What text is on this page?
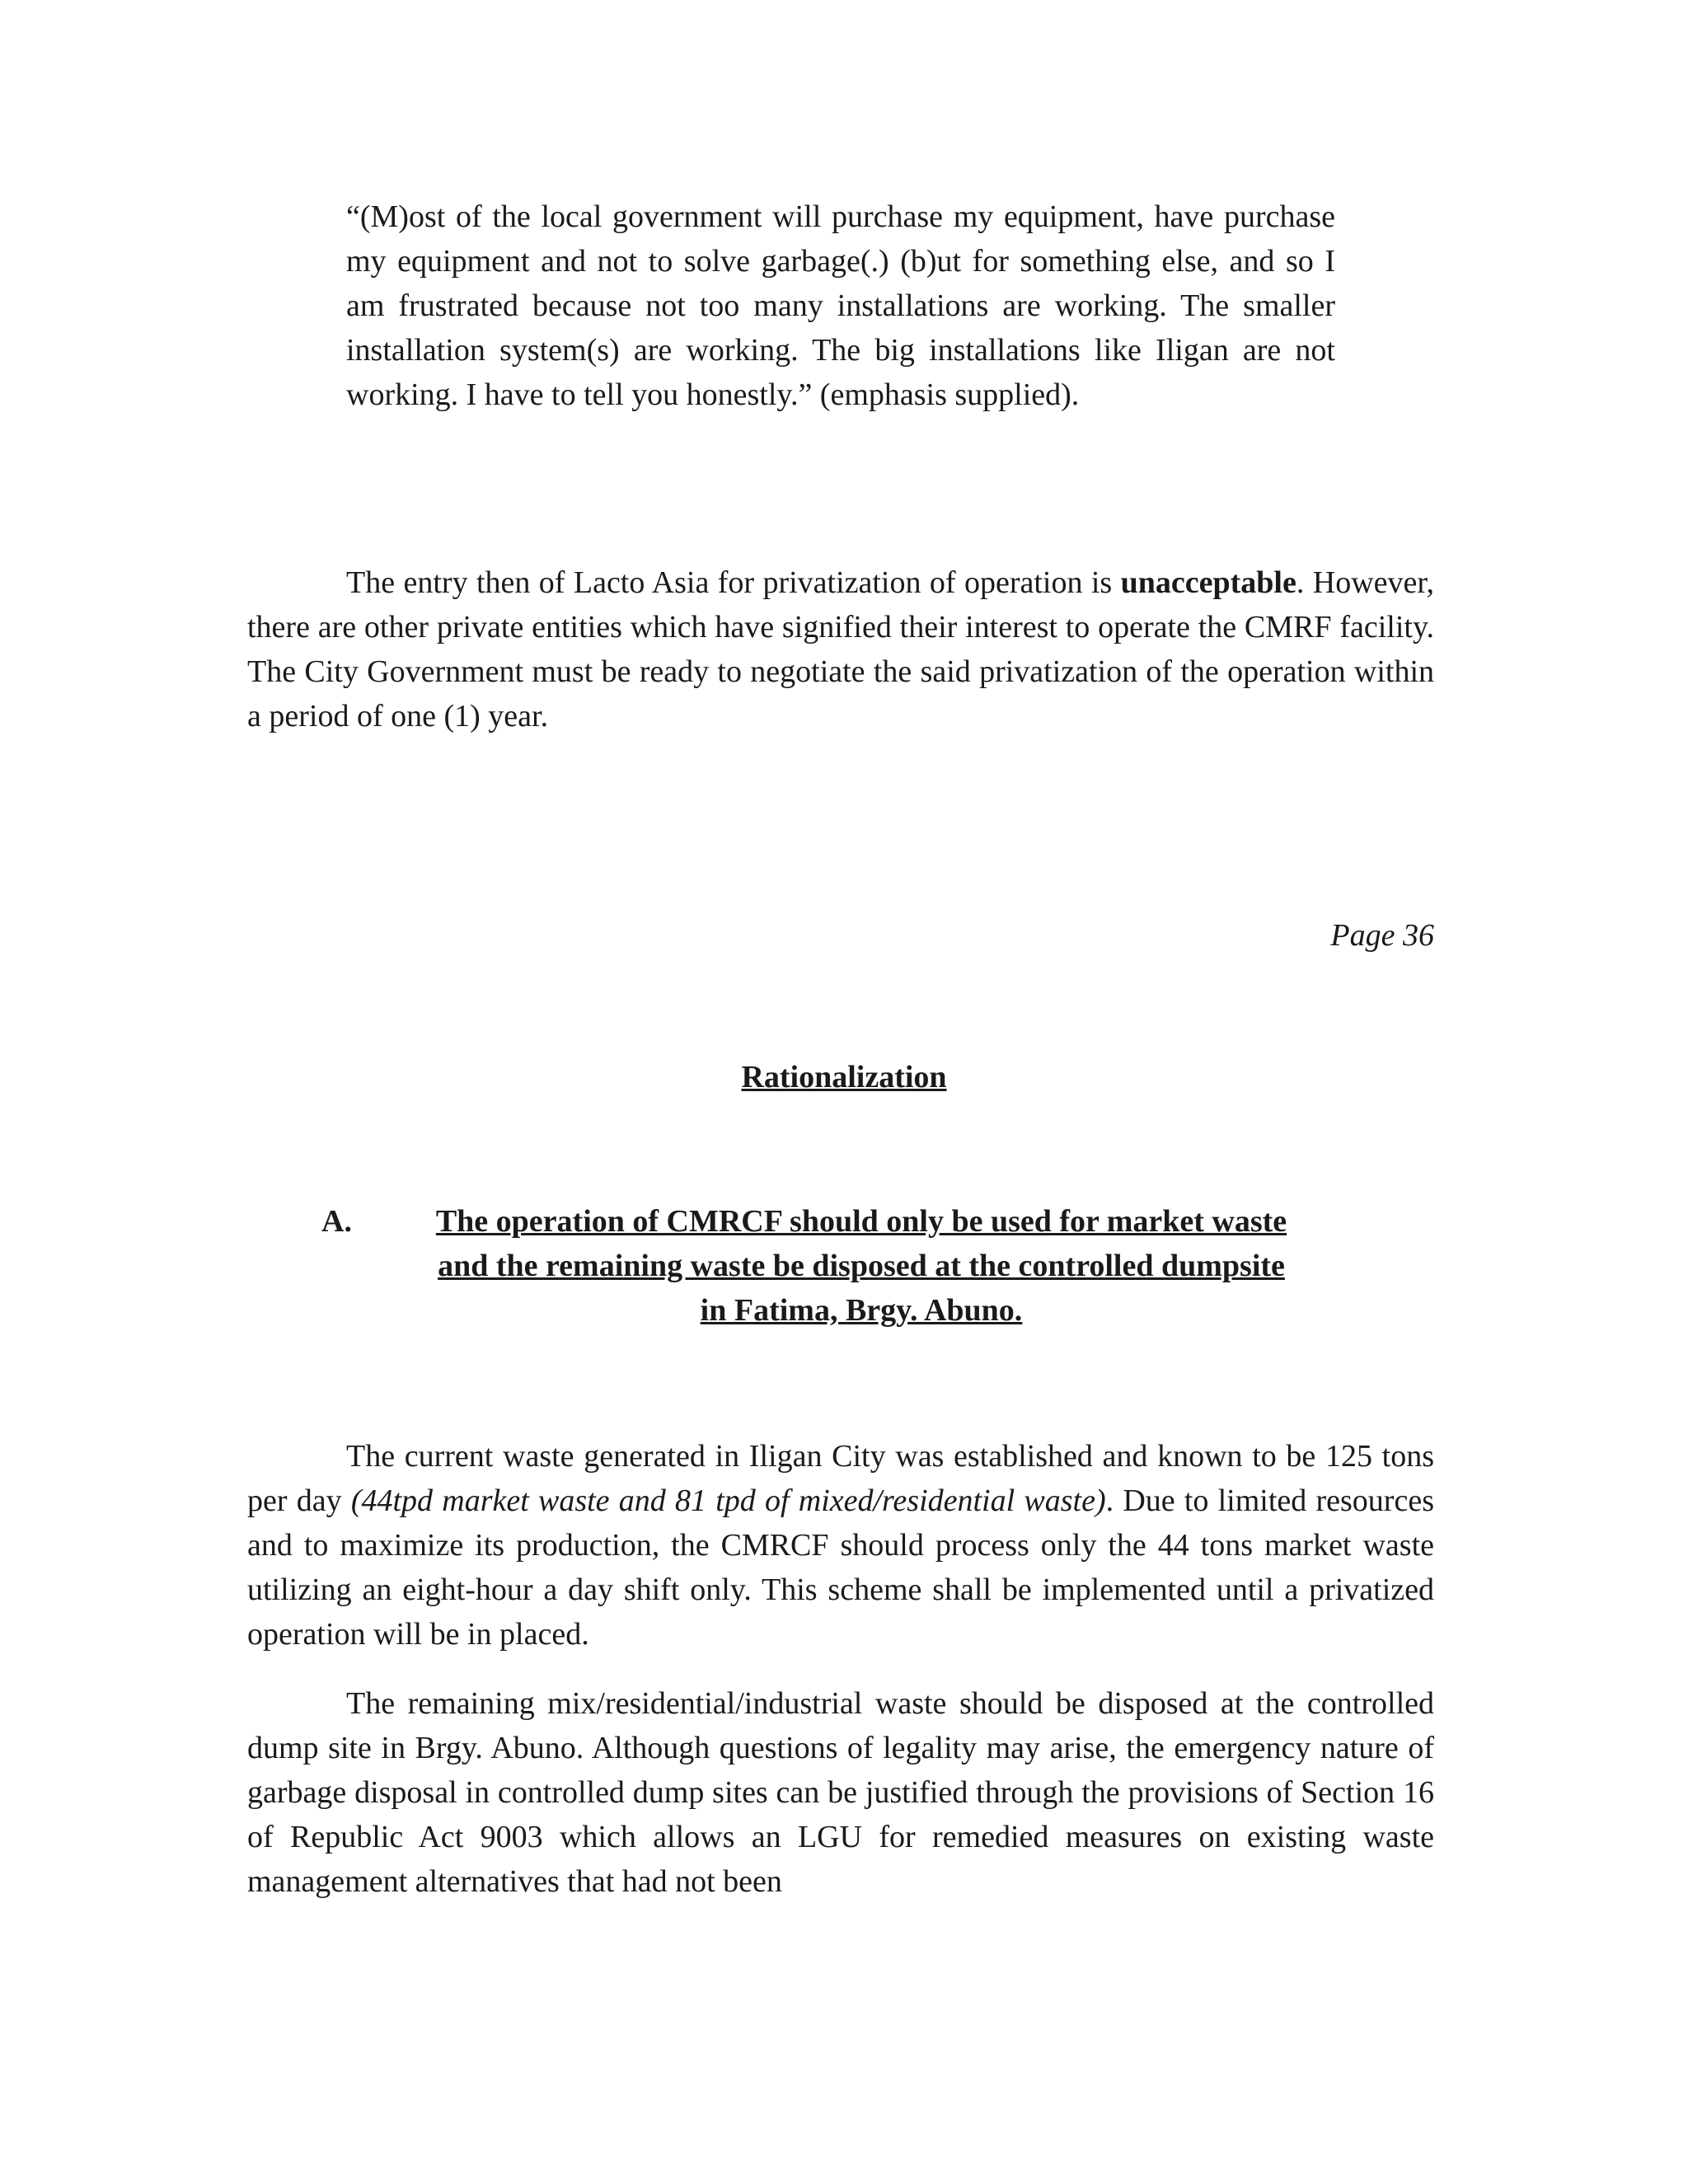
“(M)ost of the local government will purchase my equipment, have purchase my equipment and not to solve garbage(.) (b)ut for something else, and so I am frustrated because not too many installations are working. The smaller installation system(s) are working. The big installations like Iligan are not working. I have to tell you honestly.” (emphasis supplied).

The entry then of Lacto Asia for privatization of operation is unacceptable. However, there are other private entities which have signified their interest to operate the CMRF facility. The City Government must be ready to negotiate the said privatization of the operation within a period of one (1) year.

Page 36
Rationalization
A.	The operation of CMRCF should only be used for market waste
and the remaining waste be disposed at the controlled dumpsite
in Fatima, Brgy. Abuno.

The current waste generated in Iligan City was established and known to be 125 tons per day (44tpd market waste and 81 tpd of mixed/residential waste). Due to limited resources and to maximize its production, the CMRCF should process only the 44 tons market waste utilizing an eight-hour a day shift only. This scheme shall be implemented until a privatized operation will be in placed.

The remaining mix/residential/industrial waste should be disposed at the controlled dump site in Brgy. Abuno. Although questions of legality may arise, the emergency nature of garbage disposal in controlled dump sites can be justified through the provisions of Section 16 of Republic Act 9003 which allows an LGU for remedied measures on existing waste management alternatives that had not been
